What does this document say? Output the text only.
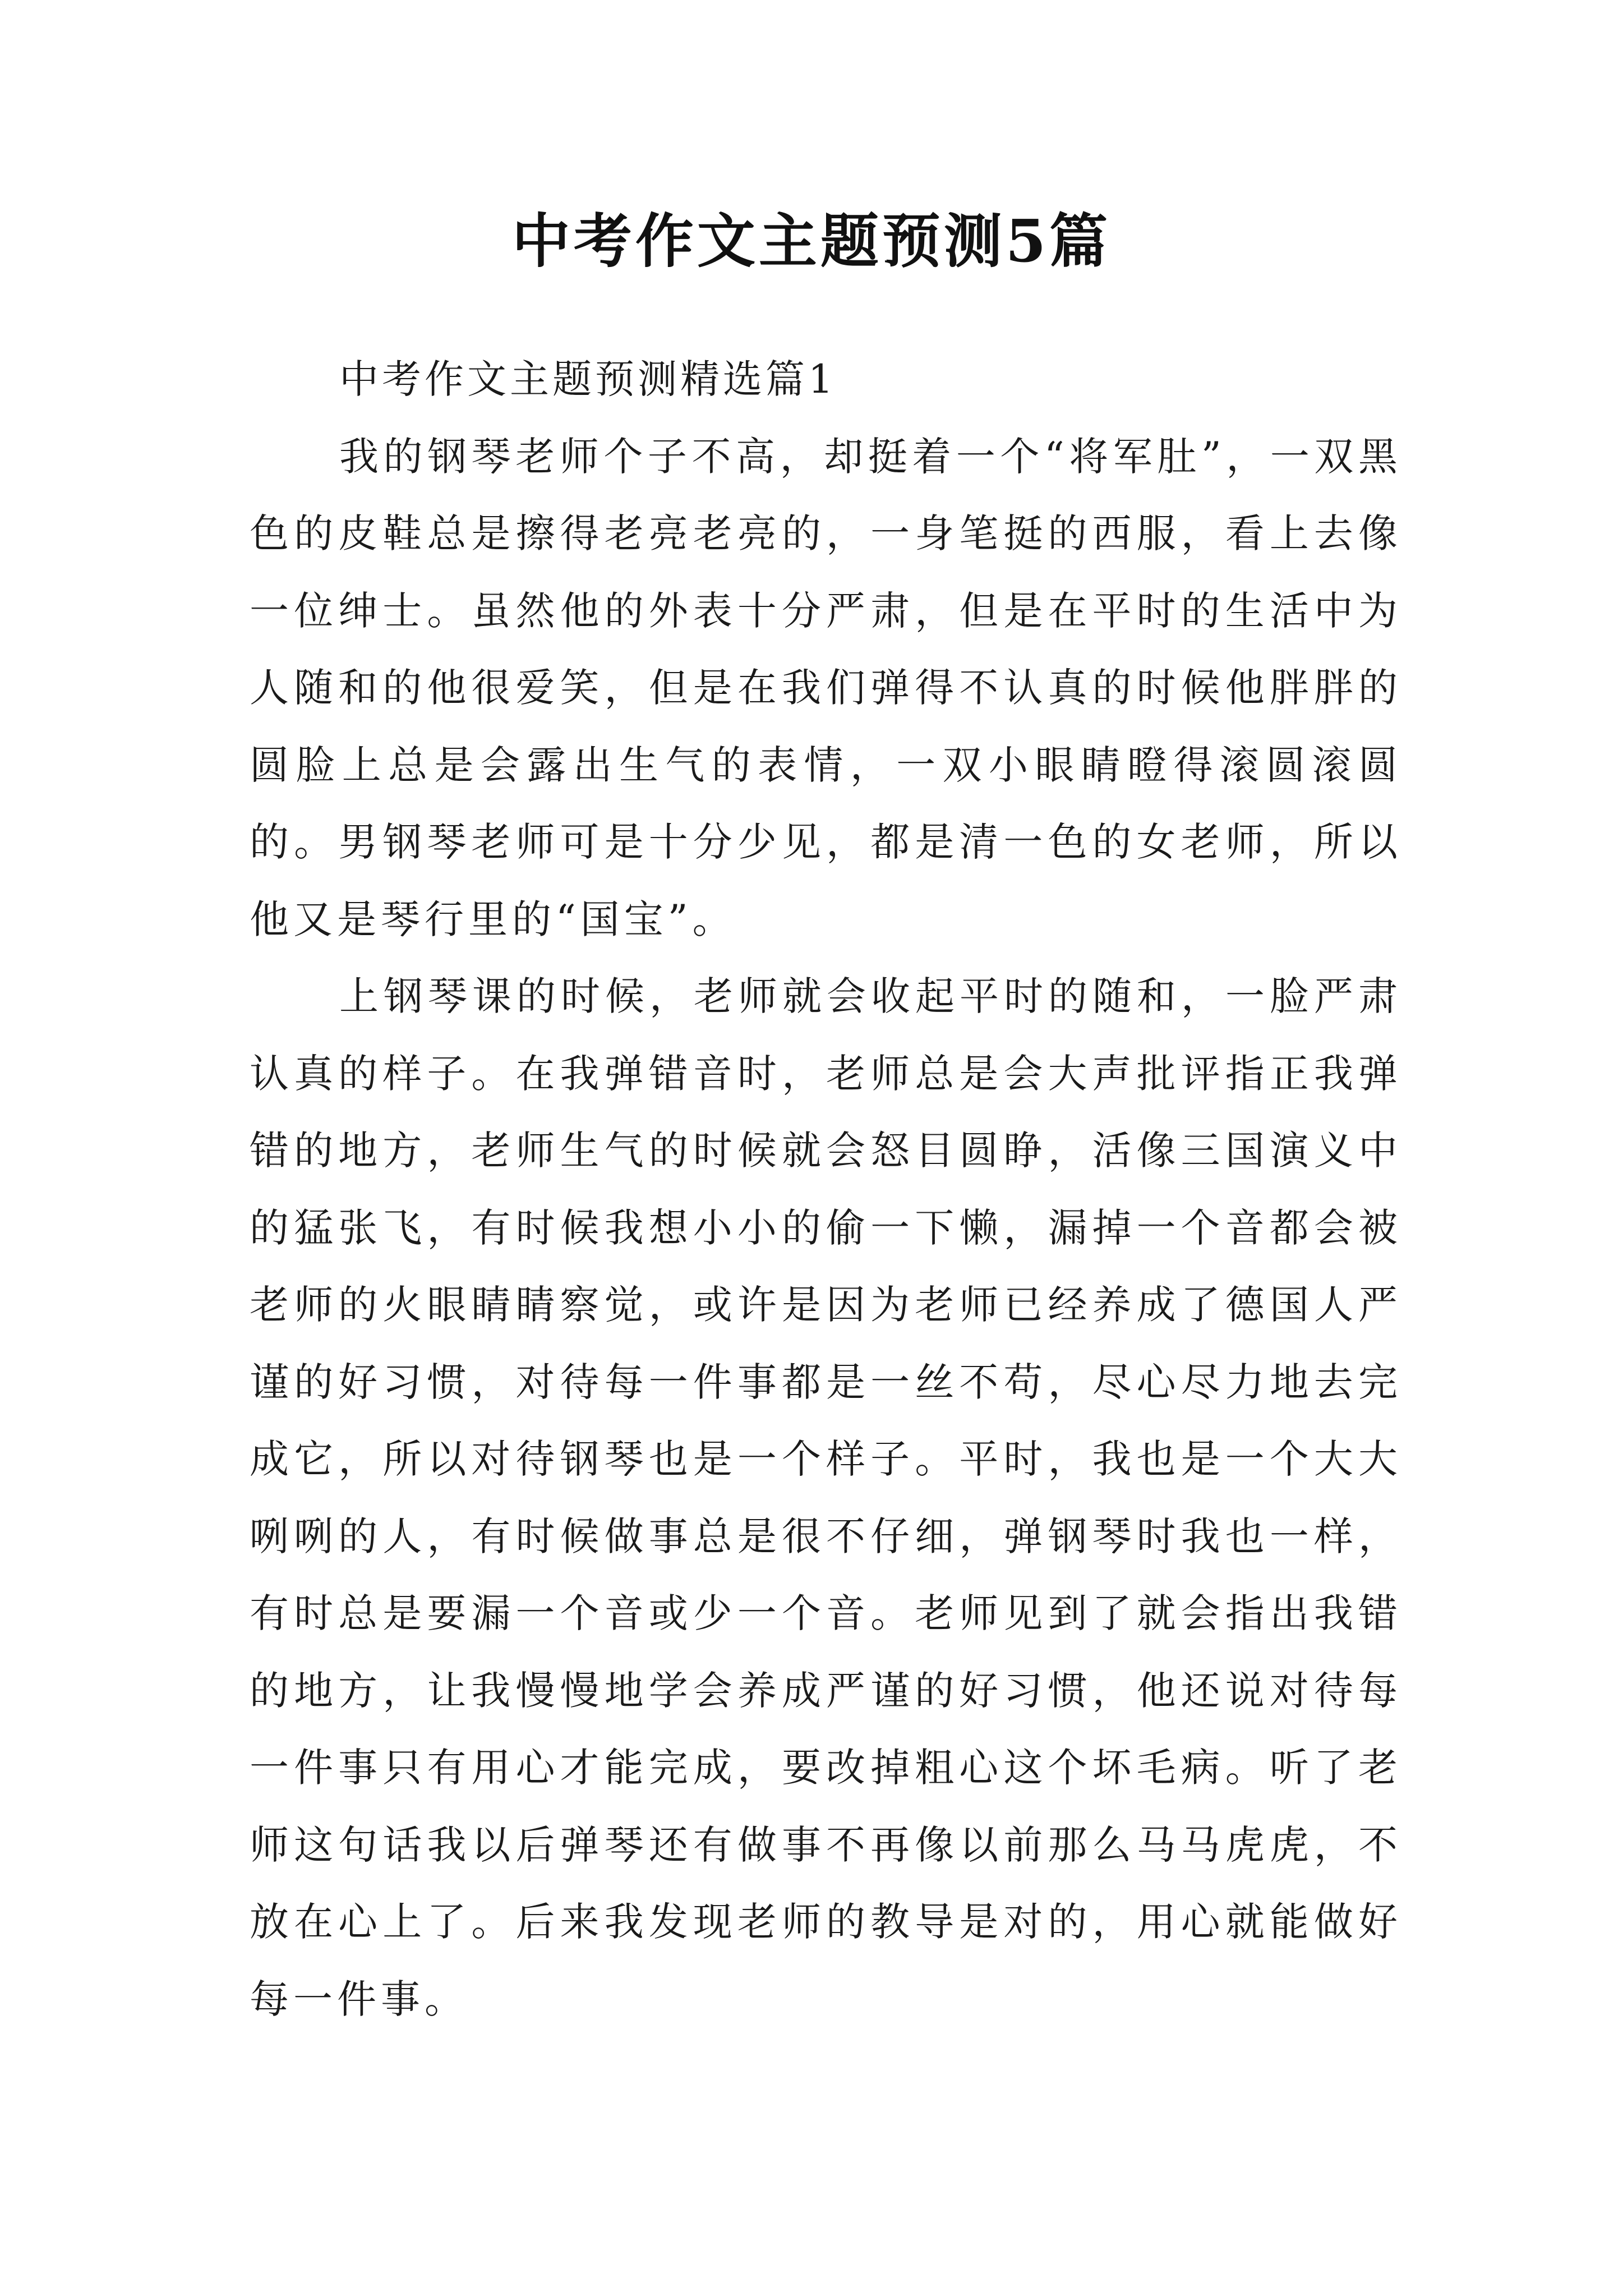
中考作文主题预测5篇

中考作文主题预测精选篇1

我的钢琴老师个子不高，却挺着一个“将军肚”，一双黑色的皮鞋总是擦得老亮老亮的，一身笔挺的西服，看上去像一位绅士。虽然他的外表十分严肃，但是在平时的生活中为人随和的他很爱笑，但是在我们弹得不认真的时候他胖胖的圆脸上总是会露出生气的表情，一双小眼睛瞪得滚圆滚圆的。男钢琴老师可是十分少见，都是清一色的女老师，所以他又是琴行里的“国宝”。

上钢琴课的时候，老师就会收起平时的随和，一脸严肃认真的样子。在我弹错音时，老师总是会大声批评指正我弹错的地方，老师生气的时候就会怒目圆睁，活像三国演义中的猛张飞，有时候我想小小的偷一下懒，漏掉一个音都会被老师的火眼睛睛察觉，或许是因为老师已经养成了德国人严谨的好习惯，对待每一件事都是一丝不苟，尽心尽力地去完成它，所以对待钢琴也是一个样子。平时，我也是一个大大咧咧的人，有时候做事总是很不仔细，弹钢琴时我也一样，有时总是要漏一个音或少一个音。老师见到了就会指出我错的地方，让我慢慢地学会养成严谨的好习惯，他还说对待每一件事只有用心才能完成，要改掉粗心这个坏毛病。听了老师这句话我以后弹琴还有做事不再像以前那么马马虎虎，不放在心上了。后来我发现老师的教导是对的，用心就能做好每一件事。
